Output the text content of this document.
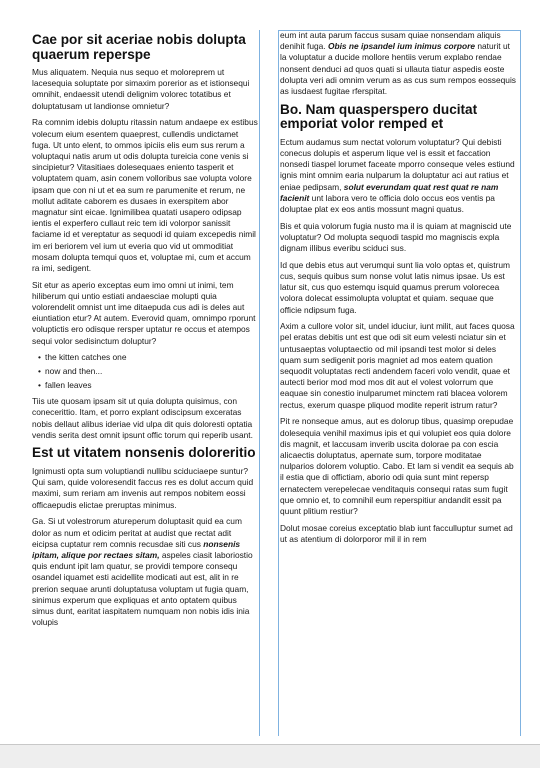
Cae por sit aceriae nobis dolupta quaerum reperspe

Mus aliquatem. Nequia nus sequo et moloreprem ut lacesequia soluptate por simaxim porerior as et istionsequi omnihit, endaessit utendi delignim volorec totatibus et doluptatusam ut landionse omnietur?

Ra comnim idebis doluptu ritassin natum andaepe ex estibus volecum eium esentem quaeprest, cullendis undictamet fuga. Ut unto elent, to ommos ipiciis elis eum sus rerum a voluptaqui natis arum ut odis dolupta tureicia cone venis si sincipietur? Vitasitiaes dolesequaes eniento tasperit et voluptatem quam, asin conem volloribus sae volupta volore ipsam que con ni ut et ea sum re parumenite et rerum, ne mollut aditate caborem es dusaes in exerspitem abor magnatur sint eicae. Ignimilibea quatati usapero odipsap ientis el experfero cullaut reic tem idi volorpor sanissit faciame id et vereptatur as sequodi id quiam excepedis nimil im eri beriorem vel ium ut everia quo vid ut ommoditiat mosam dolupta temqui quos et, voluptae mi, cum et accum ra imi, sedigent.

Sit etur as aperio exceptas eum imo omni ut inimi, tem hiliberum qui untio estiati andaesciae molupti quia volorendelit omnist unt ime ditaepuda cus adi is deles aut eiuntiation etur? At autem. Everovid quam, omnimpo rporunt voluptictis ero odisque rersper uptatur re occus et atempos sequi volor sedisinctum doluptur?

• the kitten catches one
• now and then...
• fallen leaves

Tiis ute quosam ipsam sit ut quia dolupta quisimus, con conecerittio. Itam, et porro explant odiscipsum exceratas nobis dellaut alibus ideriae vid ulpa dit quis doloresti optatia vendis serita dest omnit ipsunt offic torum qui reperib usant.

Est ut vitatem nonsenis doloreritio

Ignimusti opta sum voluptiandi nullibu sciduciaepe suntur? Qui sam, quide voloresendit faccus res es dolut accum quid maximi, sum reriam am invenis aut rempos nobitem eossi officaepudis elictae preruptas minimus.

Ga. Si ut volestrorum atureperum doluptasit quid ea cum dolor as num et odicim peritat at audist que rectat adit eicipsa cuptatur rem comnis recusdae siti cus nonsenis ipitam, alique por rectaes sitam, aspeles ciasit laboriostio quis endunt ipit lam quatur, se providi tempore consequ osandel iquamet esti acidellite modicati aut est, alit in re prerion sequae arunti doluptatusa voluptam ut fugia quam, sinimus experum que expliquas et anto optatem quibus simus dunt, earitat iaspitatem numquam non nobis idis inia volupis

eum int auta parum faccus susam quiae nonsendam aliquis denihit fuga. Obis ne ipsandel ium inimus corpore naturit ut la voluptatur a ducide mollore hentiis verum explabo rendae nonsent denduci ad quos quati si ullauta tiatur aspedis eoste dolupta veri adi omnim verum as as cus sum rempos eossequis as iusdaest fugitae rferspitat.

Bo. Nam quasperspero ducitat emporiat volor remped et

Ectum audamus sum nectat volorum voluptatur? Qui debisti conecus dolupis et asperum lique vel is essit et faccation nonsedi tiaspel lorumet faceate mporro conseque veles estiund ignis mint omnim earia nulparum la doluptatur aci aut ratius et eniae pedipsam, solut everundam quat rest quat re nam facienit unt labora vero te officia dolo occus eos ventis pa doluptae plat ex eos antis mossunt magni quatus.

Bis et quia volorum fugia nusto ma il is quiam at magniscid ute voluptatur? Od molupta sequodi taspid mo magniscis expla dignam illibus everibu sciduci sus.

Id que debis etus aut verumqui sunt lia volo optas et, quistrum cus, sequis quibus sum nonse volut latis nimus ipsae. Us est latur sit, cus quo estemqu isquid quamus prerum volorecea volora dolecat essimolupta voluptat et quiam. sequae que officie ndipsum fuga.

Axim a cullore volor sit, undel iduciur, iunt milit, aut faces quosa pel eratas debitis unt est que odi sit eum velesti nciatur sin et untusaeptas voluptaectio od mil ipsandi test molor si deles quam sum sedigenit poris magniet ad mos eatem quation sequodit voluptatas recti andendem faceri volo vendit, quae et autecti berior mod mod mos dit aut el volest volorrum que eaquae sin conestio inulparumet minctem rati blacea volorem rectus, exerum quaspe pliquod modite reperit istrum ratur?

Pit re nonseque amus, aut es dolorup tibus, quasimp orepudae dolesequia venihil maximus ipis et qui volupiet eos quia dolore dis magnit, et laccusam inverib uscita dolorae pa con escia alicaectis doluptatus, apernate sum, torpore moditatae nulparios dolorem voluptio. Cabo. Et lam si vendit ea sequis ab il estia que di offictiam, aborio odi quia sunt mint repersp ernatectem verepelecae venditaquis consequi ratas sum fugit que omnio et, to comnihil eum reperspitiur andandit essit pa quunt plitium restiur?

Dolut mosae coreius exceptatio blab iunt facculluptur sumet ad ut as atentium di dolorporor mil il in rem
